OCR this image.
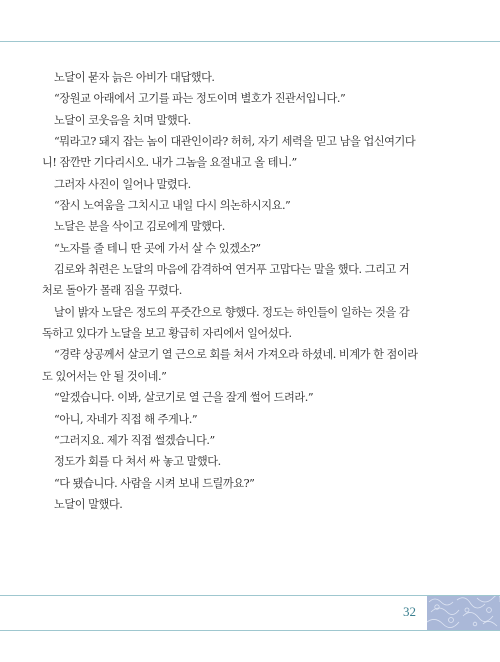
노달이 묻자 늙은 아비가 대답했다.

“장원교 아래에서 고기를 파는 정도이며 별호가 진관서입니다.”

노달이 코웃음을 치며 말했다.

“뭐라고? 돼지 잡는 놈이 대관인이라? 허허, 자기 세력을 믿고 남을 업신여기다

니! 잠깐만 기다리시오. 내가 그놈을 요절내고 올 테니.”

그러자 사진이 일어나 말렸다.

“잠시 노여움을 그치시고 내일 다시 의논하시지요.”

노달은 분을 삭이고 김로에게 말했다.

“노자를 줄 테니 딴 곳에 가서 살 수 있겠소?”

김로와 취련은 노달의 마음에 감격하여 연거푸 고맙다는 말을 했다. 그리고 거

처로 돌아가 몰래 짐을 꾸렸다.

날이 밝자 노달은 정도의 푸줏간으로 향했다. 정도는 하인들이 일하는 것을 감

독하고 있다가 노달을 보고 황급히 자리에서 일어섰다.

“경략 상공께서 살코기 열 근으로 회를 쳐서 가져오라 하셨네. 비계가 한 점이라

도 있어서는 안 될 것이네.”

“알겠습니다. 이봐, 살코기로 열 근을 잘게 썰어 드려라.”

“아니, 자네가 직접 해 주게나.”

“그러지요. 제가 직접 썰겠습니다.”

정도가 회를 다 쳐서 싸 놓고 말했다.

“다 됐습니다. 사람을 시켜 보내 드릴까요?”

노달이 말했다.

32
